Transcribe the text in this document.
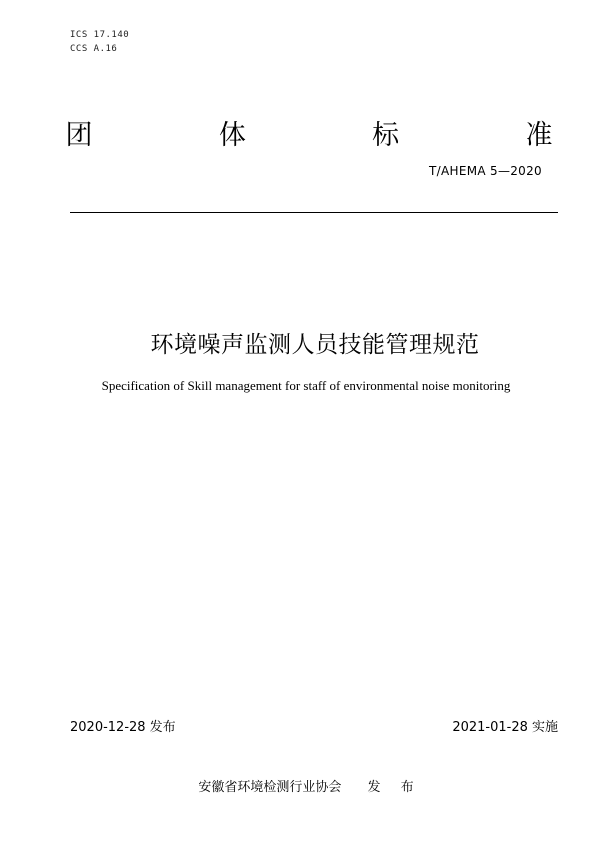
ICS 17.140
CCS A.16
团	体	标	准
T/AHEMA 5—2020
环境噪声监测人员技能管理规范
Specification of Skill management for staff of environmental noise monitoring
2020-12-28 发布	2021-01-28 实施
安徽省环境检测行业协会 发 布
